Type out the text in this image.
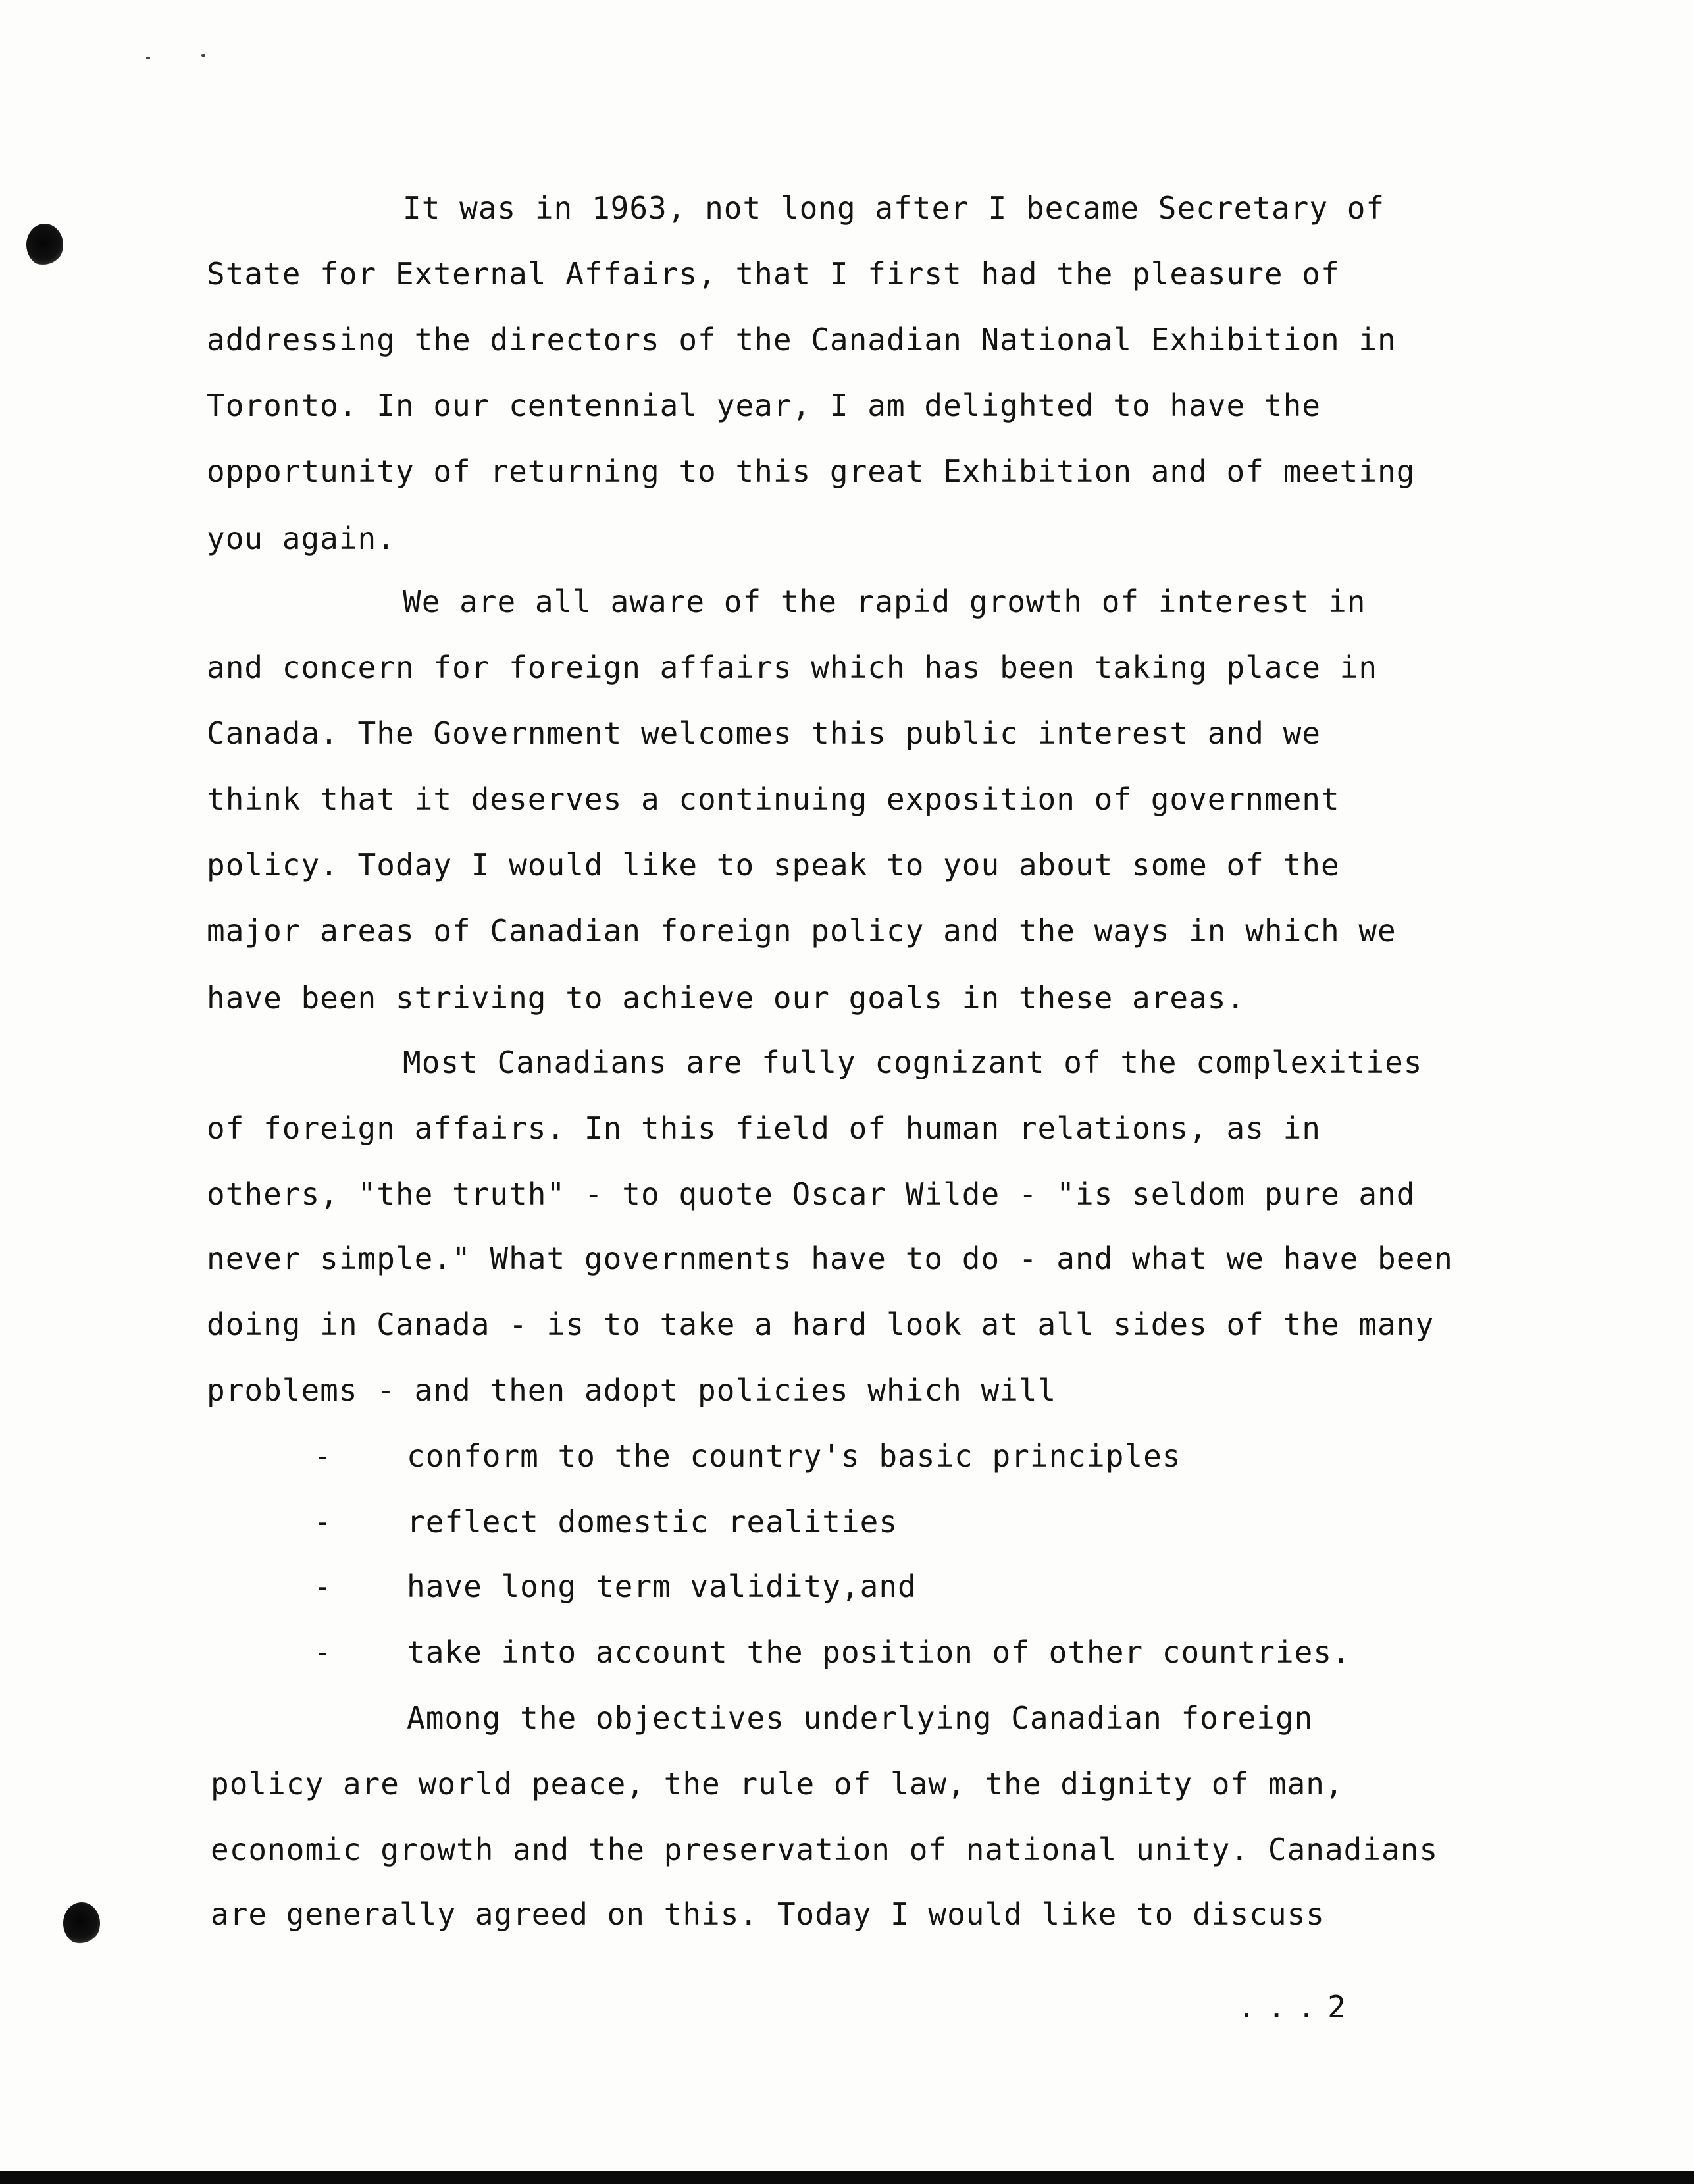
It was in 1963, not long after I became Secretary of

State for External Affairs, that I first had the pleasure of

addressing the directors of the Canadian National Exhibition in

Toronto. In our centennial year, I am delighted to have the

opportunity of returning to this great Exhibition and of meeting

you again.

We are all aware of the rapid growth of interest in

and concern for foreign affairs which has been taking place in

Canada. The Government welcomes this public interest and we

think that it deserves a continuing exposition of government

policy. Today I would like to speak to you about some of the

major areas of Canadian foreign policy and the ways in which we

have been striving to achieve our goals in these areas.

Most Canadians are fully cognizant of the complexities

of foreign affairs. In this field of human relations, as in

others, "the truth" - to quote Oscar Wilde - "is seldom pure and

never simple." What governments have to do - and what we have been

doing in Canada - is to take a hard look at all sides of the many

problems - and then adopt policies which will

- conform to the country's basic principles

- reflect domestic realities

- have long term validity,and

- take into account the position of other countries.

Among the objectives underlying Canadian foreign

policy are world peace, the rule of law, the dignity of man,

economic growth and the preservation of national unity. Canadians

are generally agreed on this. Today I would like to discuss

...2
